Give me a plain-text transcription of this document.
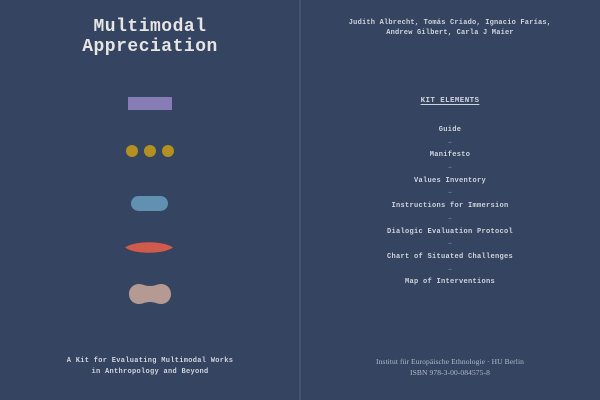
Multimodal
Appreciation
A Kit for Evaluating Multimodal Works
in Anthropology and Beyond
Judith Albrecht, Tomás Criado, Ignacio Farías,
Andrew Gilbert, Carla J Maier
KIT ELEMENTS
Guide
–
Manifesto
–
Values Inventory
–
Instructions for Immersion
–
Dialogic Evaluation Protocol
–
Chart of Situated Challenges
–
Map of Interventions
Institut für Europäische Ethnologie · HU Berlin
ISBN 978-3-00-084575-8
